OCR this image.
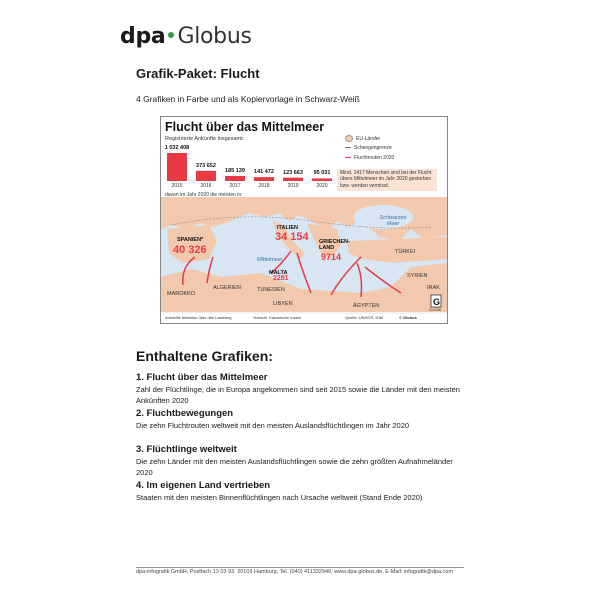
dpa Globus
Grafik-Paket: Flucht
4 Grafiken in Farbe und als Kopiervorlage in Schwarz-Weiß
G
Flucht über das Mittelmeer
Registrierte Ankünfte insgesamt:
1 032 408
2015
373 652
2016
185 139
2017
141 472
2018
123 663
2019
95 031
2020
EU-Länder
Schengengrenze
Fluchtrouten 2020
Mind. 1417 Menschen sind bei der Flucht übers Mittelmeer im Jahr 2020 gestorben bzw. werden vermisst.
davon im Jahr 2020 die meisten in:
Schwarzes Meer
Mittelmeer
TÜRKEI
SYRIEN
IRAK
MAROKKO
ALGERIEN	TUNESIEN
LIBYEN	ÄGYPTEN
SPANIEN*
40 326
ITALIEN
34 154 GRIECHEN-LAND
9714
MALTA
2281
Ankünfte teilweise über den Landweg	*einschl. Kanarische Inseln	Quelle: UNHCR, IOM	© Globus
014768
Enthaltene Grafiken:
1. Flucht über das Mittelmeer
Zahl der Flüchtlinge, die in Europa angekommen sind seit 2015 sowie die Länder mit den meisten Ankünften 2020
2. Fluchtbewegungen
Die zehn Fluchtrouten weltweit mit den meisten Auslandsflüchtlingen im Jahr 2020
3. Flüchtlinge weltweit
Die zehn Länder mit den meisten Auslandsflüchtlingen sowie die zehn größten Aufnahmeländer 2020
4. Im eigenen Land vertrieben
Staaten mit den meisten Binnenflüchtlingen nach Ursache weltweit (Stand Ende 2020)
dpa-infografik GmbH, Postfach 13 03 93, 20103 Hamburg, Tel. (040) 411332940, www.dpa-globus.de, E-Mail: infografik@dpa.com
